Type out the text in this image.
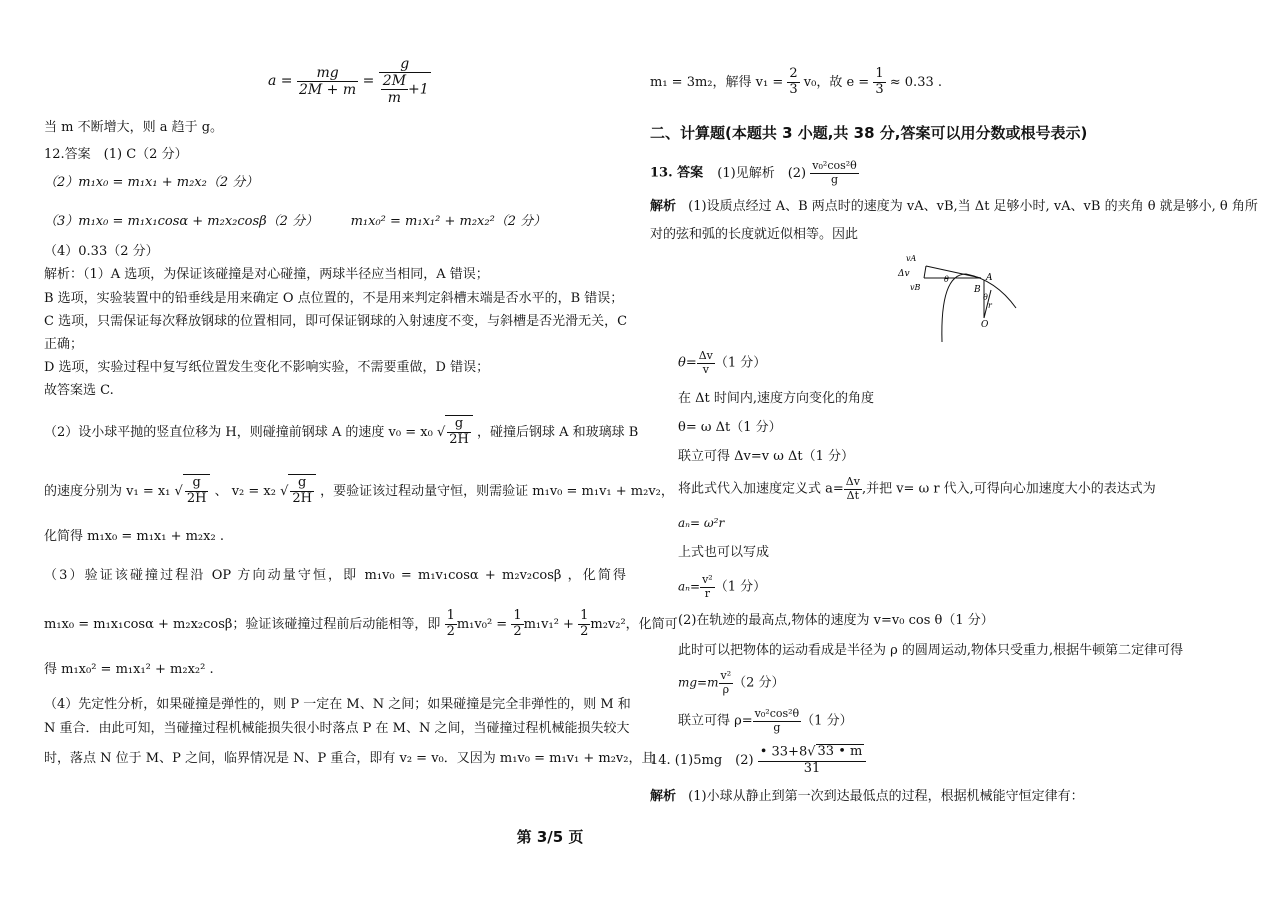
$a = \frac{mg}{2M + m} = \frac{g}{\frac{2M}{m} +1}$
当 m 不断增大，则 a 趋于 g。
12.答案　(1) C（2 分）
（2）m₁x₀ = m₁x₁ + m₂x₂（2 分）
（3）m₁x₀ = m₁x₁cosα + m₂x₂cosβ（2 分）　　　m₁x₀² = m₁x₁² + m₂x₂²（2 分）
（4）0.33（2 分）
解析：（1）A 选项，为保证该碰撞是对心碰撞，两球半径应当相同，A 错误；
B 选项，实验装置中的铅垂线是用来确定 O 点位置的，不是用来判定斜槽末端是否水平的，B 错误；
C 选项，只需保证每次释放钢球的位置相同，即可保证钢球的入射速度不变，与斜槽是否光滑无关，C
正确；
D 选项，实验过程中复写纸位置发生变化不影响实验，不需要重做，D 错误；
故答案选 C.
（2）设小球平抛的竖直位移为 H，则碰撞前钢球 A 的速度 v₀ = x₀ √ $\frac{g}{2H}$ ，碰撞后钢球 A 和玻璃球 B
的速度分别为 v₁ = x₁ √ $\frac{g}{2H}$ 、 v₂ = x₂ √ $\frac{g}{2H}$ ，要验证该过程动量守恒，则需验证 m₁v₀ = m₁v₁ + m₂v₂，
化简得 m₁x₀ = m₁x₁ + m₂x₂ .
（3）验证该碰撞过程沿 OP 方向动量守恒，即 m₁v₀ = m₁v₁cosα + m₂v₂cosβ ，化简得
m₁x₀ = m₁x₁cosα + m₂x₂cosβ；验证该碰撞过程前后动能相等，即 $\frac{1}{2} m_1v_0^2 = \frac{1}{2} m_1v_1^2 + \frac{1}{2} m_2v_2^2$，化简可
得 m₁x₀² = m₁x₁² + m₂x₂² .
（4）先定性分析，如果碰撞是弹性的，则 P 一定在 M、N 之间；如果碰撞是完全非弹性的，则 M 和
N 重合．由此可知，当碰撞过程机械能损失很小时落点 P 在 M、N 之间，当碰撞过程机械能损失较大
时，落点 N 位于 M、P 之间，临界情况是 N、P 重合，即有 v₂ = v₀．又因为 m₁v₀ = m₁v₁ + m₂v₂，且
m₁ = 3m₂，解得 $v_1 = \frac{2}{3} v_0$，故 $e = \frac{1}{3} \approx 0.33$ .
二、计算题(本题共 3 小题,共 38 分,答案可以用分数或根号表示)
13. 答案 (1)见解析　$(2) \frac{\text{v₀²cos²θ}}{g}$
解析 (1)设质点经过 A、B 两点时的速度为 vA、vB,当 Δt 足够小时, vA、vB 的夹角 θ 就是够小, θ 角所
对的弦和弧的长度就近似相等。因此
$\theta= \frac{\Delta v}{v} (1$ 分）
在 Δt 时间内,速度方向变化的角度
θ= ω Δt（1 分）
联立可得 Δv=v ω Δt（1 分）
将此式代入加速度定义式 $a= \frac{\Delta v}{\Delta t}$ ,并把 v= ω r 代入,可得向心加速度大小的表达式为
aₙ= ω²r
上式也可以写成
$a_n= \frac{\text{v²}}{r} (1$ 分）
(2)在轨迹的最高点,物体的速度为 v=v₀ cos θ（1 分）
此时可以把物体的运动看成是半径为 ρ 的圆周运动,物体只受重力,根据牛顿第二定律可得
$mg=m \frac{\text{v²}}{\rho} (2$ 分）
联立可得 $\rho= \frac{\text{v₀²cos²θ}}{g} (1$ 分）
14. (1)5mg　$(2) \frac{• 33+8√ 33 • m}{31}$
解析 (1)小球从静止到第一次到达最低点的过程，根据机械能守恒定律有：
vA
Δv
vB
θ	A
B
θ
r
O
第 3/5 页
